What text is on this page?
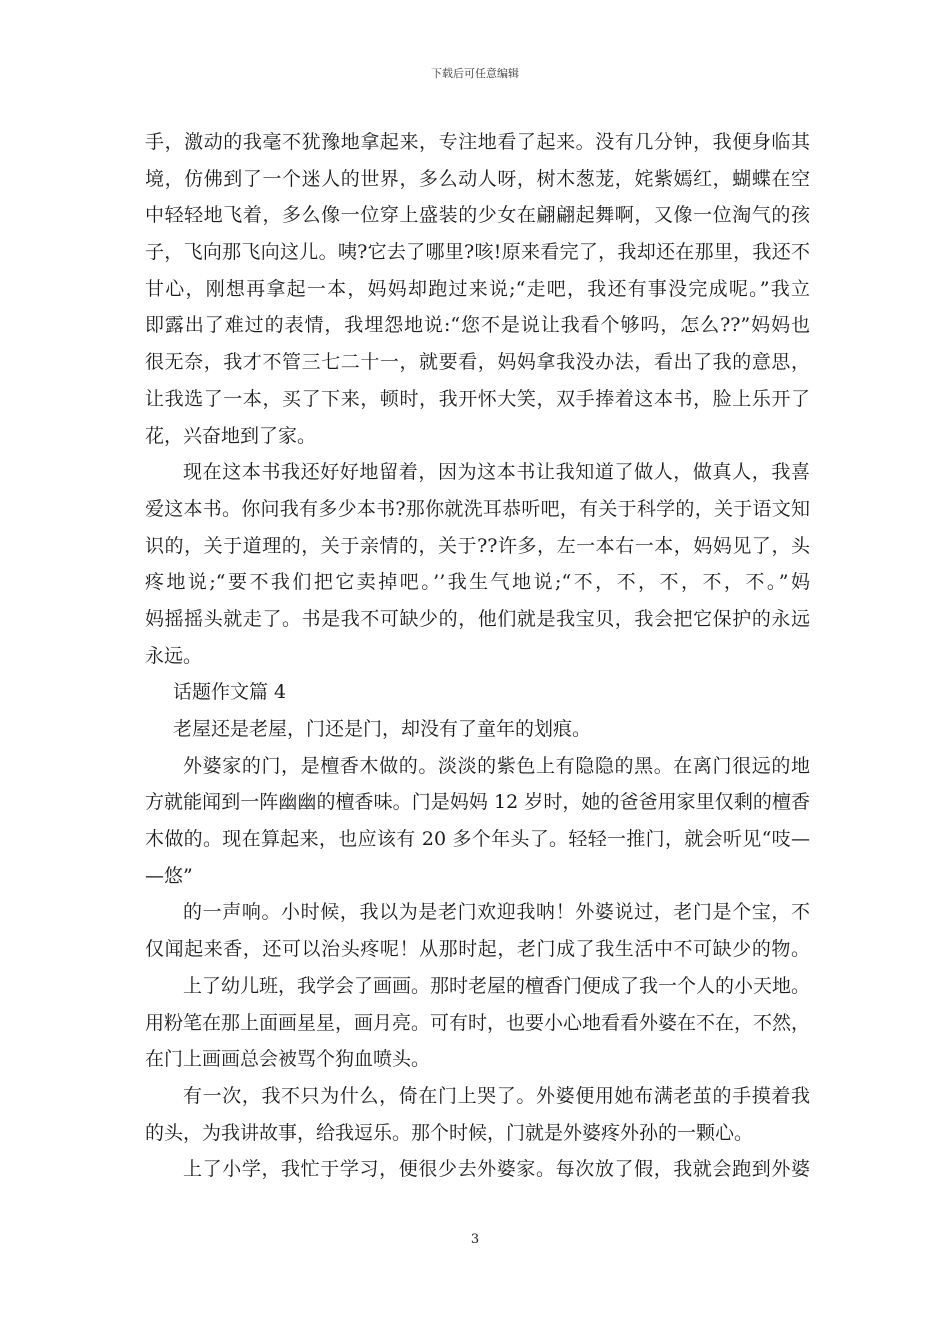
下载后可任意编辑
手，激动的我毫不犹豫地拿起来，专注地看了起来。没有几分钟，我便身临其
境，仿佛到了一个迷人的世界，多么动人呀，树木葱茏，姹紫嫣红，蝴蝶在空
中轻轻地飞着，多么像一位穿上盛装的少女在翩翩起舞啊，又像一位淘气的孩
子，飞向那飞向这儿。咦?它去了哪里?咳!原来看完了，我却还在那里，我还不
甘心，刚想再拿起一本，妈妈却跑过来说;“走吧，我还有事没完成呢。”我立
即露出了难过的表情，我埋怨地说:“您不是说让我看个够吗，怎么??”妈妈也
很无奈，我才不管三七二十一，就要看，妈妈拿我没办法，看出了我的意思，
让我选了一本，买了下来，顿时，我开怀大笑，双手捧着这本书，脸上乐开了
花，兴奋地到了家。
现在这本书我还好好地留着，因为这本书让我知道了做人，做真人，我喜
爱这本书。你问我有多少本书?那你就洗耳恭听吧，有关于科学的，关于语文知
识的，关于道理的，关于亲情的，关于??许多，左一本右一本，妈妈见了，头
疼地说;“要不我们把它卖掉吧。’’我生气地说;“不，不，不，不，不。”妈
妈摇摇头就走了。书是我不可缺少的，他们就是我宝贝，我会把它保护的永远
永远。
话题作文篇 4
老屋还是老屋，门还是门，却没有了童年的划痕。
外婆家的门，是檀香木做的。淡淡的紫色上有隐隐的黑。在离门很远的地
方就能闻到一阵幽幽的檀香味。门是妈妈 12 岁时，她的爸爸用家里仅剩的檀香
木做的。现在算起来，也应该有 20 多个年头了。轻轻一推门，就会听见“吱—
—悠”
的一声响。小时候，我以为是老门欢迎我呐！外婆说过，老门是个宝，不
仅闻起来香，还可以治头疼呢！从那时起，老门成了我生活中不可缺少的物。
上了幼儿班，我学会了画画。那时老屋的檀香门便成了我一个人的小天地。
用粉笔在那上面画星星，画月亮。可有时，也要小心地看看外婆在不在，不然，
在门上画画总会被骂个狗血喷头。
有一次，我不只为什么，倚在门上哭了。外婆便用她布满老茧的手摸着我
的头，为我讲故事，给我逗乐。那个时候，门就是外婆疼外孙的一颗心。
上了小学，我忙于学习，便很少去外婆家。每次放了假，我就会跑到外婆
3
